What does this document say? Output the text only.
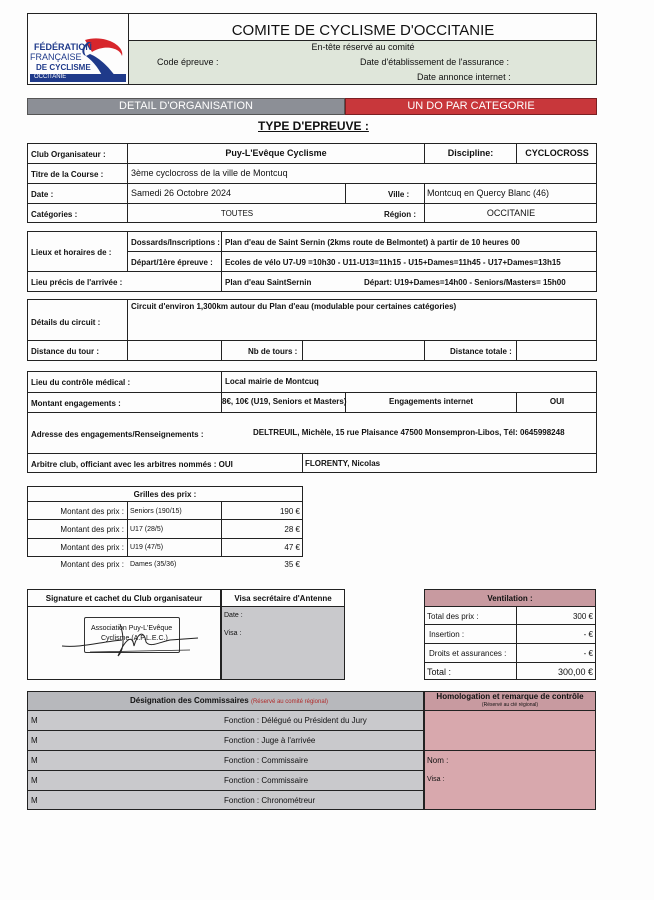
COMITE DE CYCLISME D'OCCITANIE
En-tête réservé au comité
Code épreuve :	Date d'établissement de l'assurance :
Date annonce internet :
FÉDÉRATION
FRANÇAISE
DE CYCLISME
OCCITANIE
DETAIL D'ORGANISATION	UN DO PAR CATEGORIE
TYPE D'EPREUVE :
Club Organisateur :	Puy-L'Evêque Cyclisme	Discipline:	CYCLOCROSS
Titre de la Course :	3ème cyclocross de la ville de Montcuq
Date :	Samedi 26 Octobre 2024	Ville : Montcuq en Quercy Blanc (46)
Catégories :	TOUTES	Région :	OCCITANIE
Lieux et horaires de :
Dossards/Inscriptions : Plan d'eau de Saint Sernin (2kms route de Belmontet) à partir de 10 heures 00
Départ/1ère épreuve : Ecoles de vélo U7-U9 =10h30 - U11-U13=11h15 - U15+Dames=11h45 - U17+Dames=13h15
Lieu précis de l'arrivée :	Plan d'eau SaintSernin	Départ: U19+Dames=14h00 - Seniors/Masters= 15h00
Détails du circuit :
Circuit d'environ 1,300km autour du Plan d'eau (modulable pour certaines catégories)
Distance du tour :	Nb de tours :	Distance totale :
Lieu du contrôle médical :	Local mairie de Montcuq
Montant engagements :	8€, 10€ (U19, Seniors et Masters)	Engagements internet	OUI
Adresse des engagements/Renseignements :	DELTREUIL, Michèle, 15 rue Plaisance 47500 Monsempron-Libos, Tél: 0645998248
Arbitre club, officiant avec les arbitres nommés : OUI	FLORENTY, Nicolas
Grilles des prix :
Montant des prix : Seniors (190/15)	190 €
Montant des prix : U17 (28/5)	28 €
Montant des prix : U19 (47/5)	47 €
Montant des prix : Dames (35/36)	35 €
Signature et cachet du Club organisateur
Association Puy-L'Evêque
Cyclisme (A.P.L.E.C.)
Visa secrétaire d'Antenne
Date :
Visa :
Ventilation :
Total des prix :	300 €
Insertion :	- €
Droits et assurances :	- €
Total :	300,00 €
Désignation des Commissaires (Réservé au comité régional)
M	Fonction : Délégué ou Président du Jury
M	Fonction : Juge à l'arrivée
M	Fonction : Commissaire
M	Fonction : Commissaire
M	Fonction : Chronométreur
Homologation et remarque de contrôle
(Réservé au cté régional)
Nom :
Visa :
